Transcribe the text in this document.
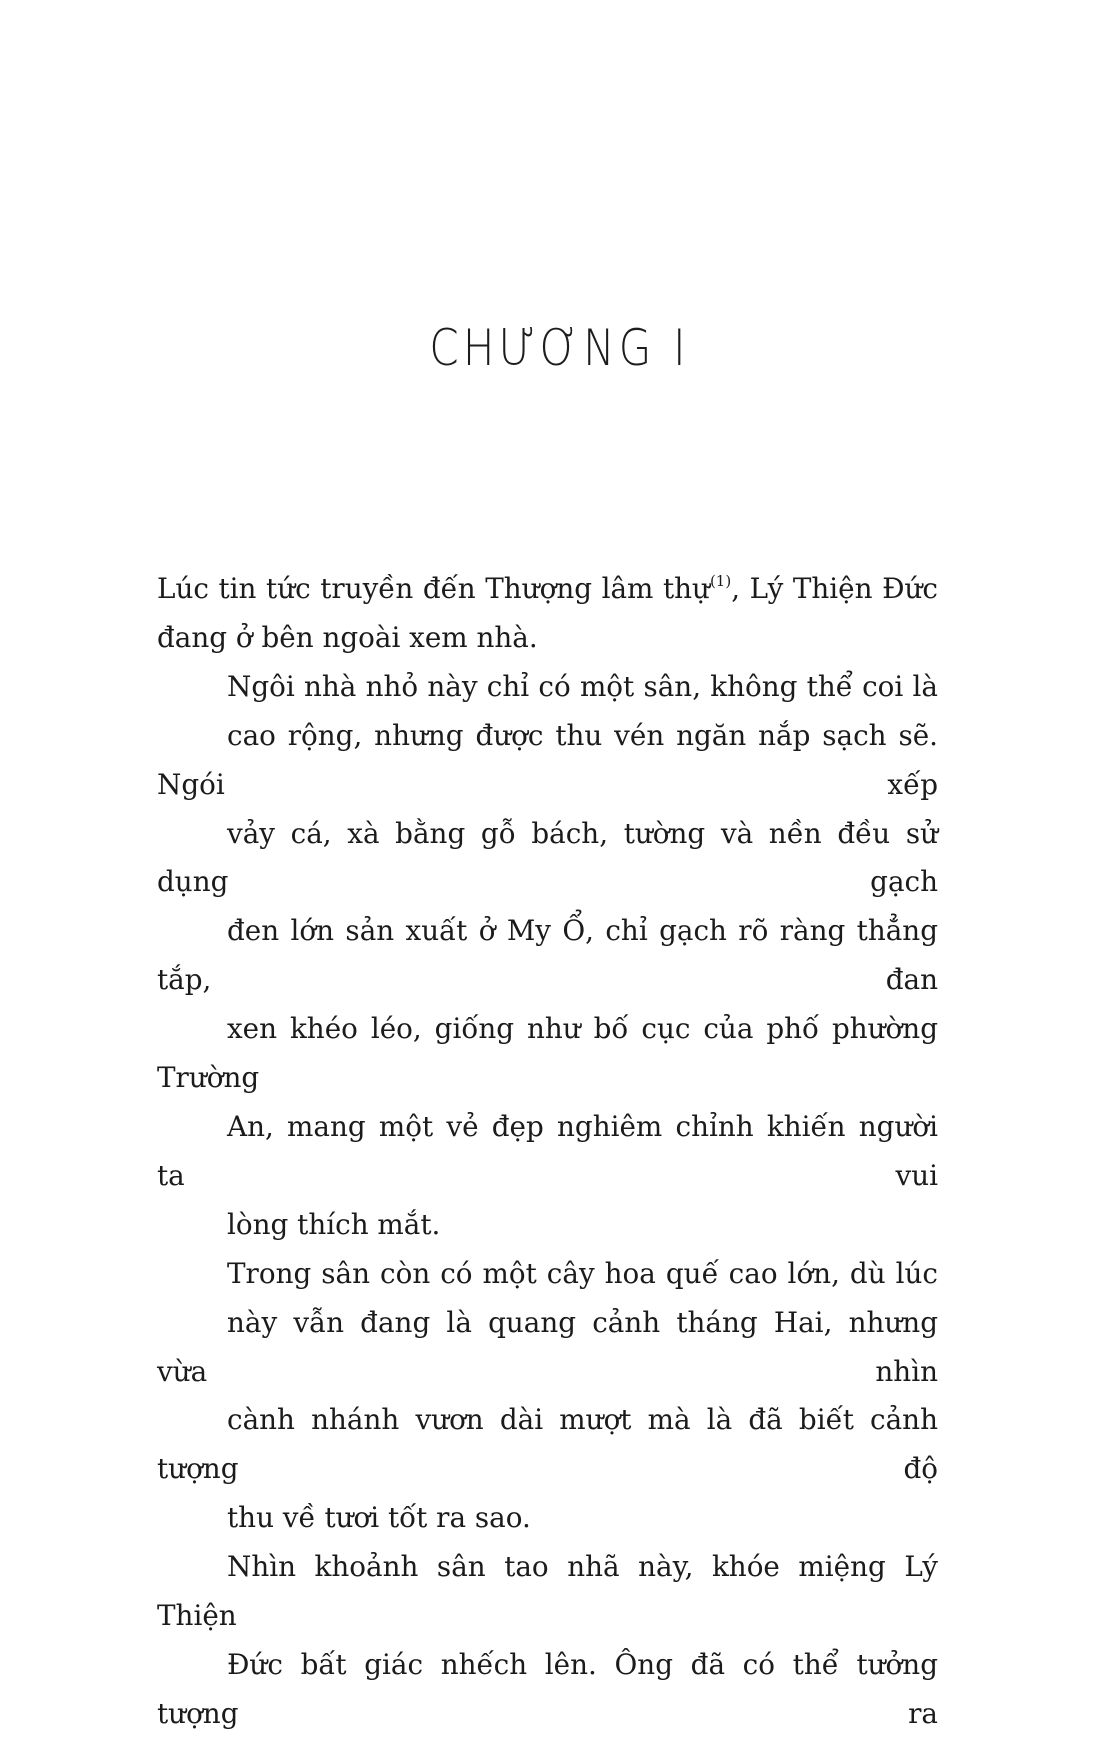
CHƯƠNG I

Lúc tin tức truyền đến Thượng lâm thự$^{(1)}$, Lý Thiện Đức
đang ở bên ngoài xem nhà.

Ngôi nhà nhỏ này chỉ có một sân, không thể coi là
cao rộng, nhưng được thu vén ngăn nắp sạch sẽ. Ngói xếp
vảy cá, xà bằng gỗ bách, tường và nền đều sử dụng gạch
đen lớn sản xuất ở My Ổ, chỉ gạch rõ ràng thẳng tắp, đan
xen khéo léo, giống như bố cục của phố phường Trường
An, mang một vẻ đẹp nghiêm chỉnh khiến người ta vui
lòng thích mắt.

Trong sân còn có một cây hoa quế cao lớn, dù lúc
này vẫn đang là quang cảnh tháng Hai, nhưng vừa nhìn
cành nhánh vươn dài mượt mà là đã biết cảnh tượng độ
thu về tươi tốt ra sao.

Nhìn khoảnh sân tao nhã này, khóe miệng Lý Thiện
Đức bất giác nhếch lên. Ông đã có thể tưởng tượng ra
